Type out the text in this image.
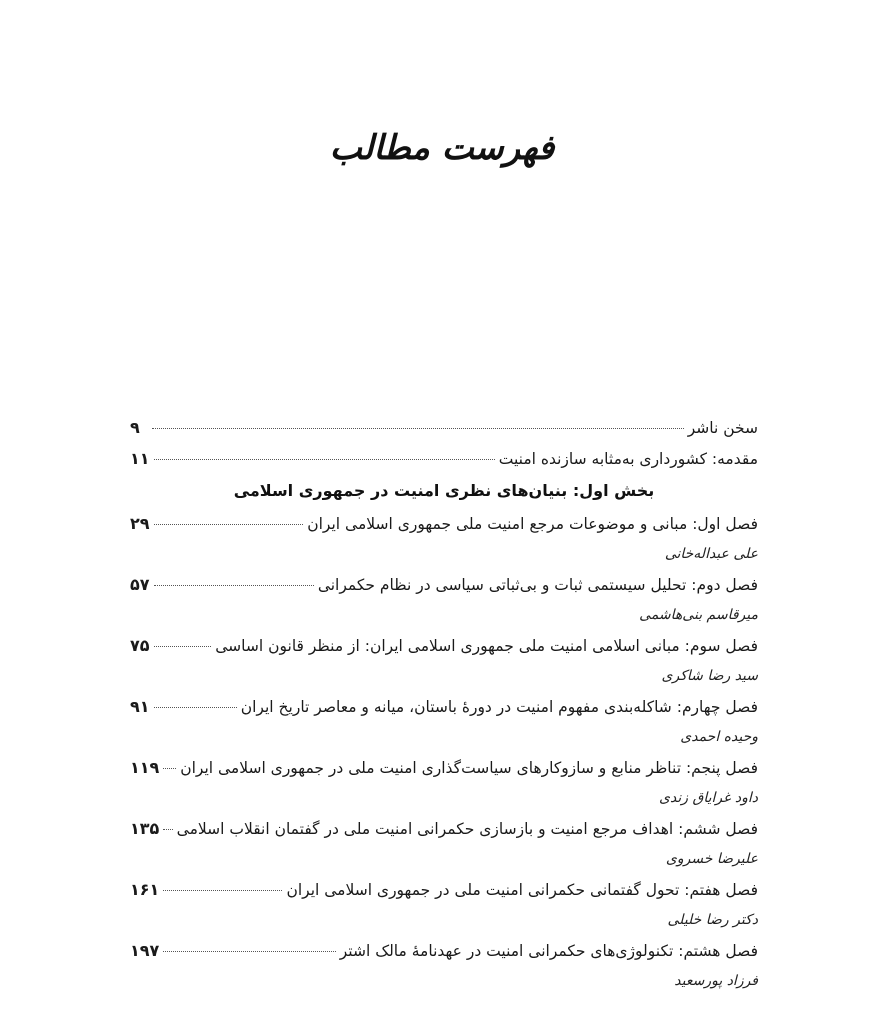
فهرست مطالب
سخن ناشر
۹
مقدمه: کشورداری به‌مثابه سازنده امنیت
۱۱
بخش اول: بنیان‌های نظری امنیت در جمهوری اسلامی
فصل اول: مبانی و موضوعات مرجع امنیت ملی جمهوری اسلامی ایران
۲۹
علی عبداله‌خانی
فصل دوم: تحلیل سیستمی ثبات و بی‌ثباتی سیاسی در نظام حکمرانی
۵۷
میرقاسم بنی‌هاشمی
فصل سوم: مبانی اسلامی امنیت ملی جمهوری اسلامی ایران: از منظر قانون اساسی
۷۵
سید رضا شاکری
فصل چهارم: شاکله‌بندی مفهوم امنیت در دورهٔ باستان، میانه و معاصر تاریخ ایران
۹۱
وحیده احمدی
فصل پنجم: تناظر منابع و سازوکارهای سیاست‌گذاری امنیت ملی در جمهوری اسلامی ایران
۱۱۹
داود غرایاق زندی
فصل ششم: اهداف مرجع امنیت و بازسازی حکمرانی امنیت ملی در گفتمان انقلاب اسلامی
۱۳۵
علیرضا خسروی
فصل هفتم: تحول گفتمانی حکمرانی امنیت ملی در جمهوری اسلامی ایران
۱۶۱
دکتر رضا خلیلی
فصل هشتم: تکنولوژی‌های حکمرانی امنیت در عهدنامهٔ مالک اشتر
۱۹۷
فرزاد پورسعید
